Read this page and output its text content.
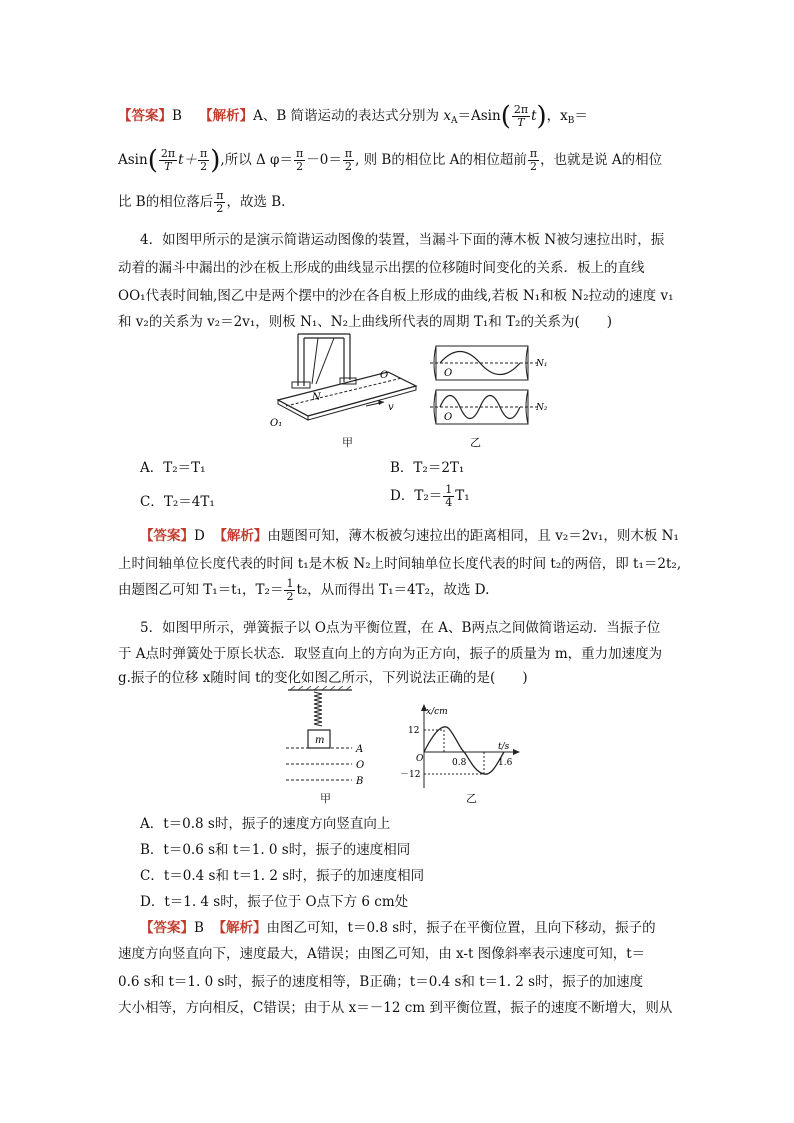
【答案】B 【解析】A、B 简谐运动的表达式分别为 $x_A=Asin( \frac{2\pi}{T} t)$，$x_B=$
$Asin( \frac{2\pi}{T} t+ \frac{\pi}{2}$ ),所以 Δ $\varphi= \frac{\pi}{2} -0= \frac{\pi}{2}$ , 则 B的相位比 A的相位超前 $\frac{\pi}{2}$ ，也就是说 A的相位
比 B的相位落后 $\frac{\pi}{2}$ ，故选 B.
4．如图甲所示的是演示简谐运动图像的装置，当漏斗下面的薄木板 N被匀速拉出时，振
动着的漏斗中漏出的沙在板上形成的曲线显示出摆的位移随时间变化的关系．板上的直线
OO₁代表时间轴,图乙中是两个摆中的沙在各自板上形成的曲线,若板 N₁和板 N₂拉动的速度 v₁
和 v₂的关系为 v₂＝2v₁，则板 N₁、N₂上曲线所代表的周期 T₁和 T₂的关系为(　　)
O
O₁
N
v
甲
O
N₁
O
N₂
乙
A．T₂＝T₁	B．T₂＝2T₁
C．T₂＝4T₁	D．$T_2= \frac{1}{4} T_1$
【答案】D 【解析】由题图可知，薄木板被匀速拉出的距离相同，且 v₂＝2v₁，则木板 N₁
上时间轴单位长度代表的时间 t₁是木板 N₂上时间轴单位长度代表的时间 t₂的两倍，即 t₁＝2t₂,
由题图乙可知 T₁＝t₁，$T_2= \frac{1}{2} t_2$，从而得出 T₁＝4T₂，故选 D.
5．如图甲所示，弹簧振子以 O点为平衡位置，在 A、B两点之间做简谐运动．当振子位
于 A点时弹簧处于原长状态．取竖直向上的方向为正方向，振子的质量为 m，重力加速度为
g.振子的位移 x随时间 t的变化如图乙所示，下列说法正确的是(　　)
m
A
O
B
甲
x/cm
12
－12
O	0.8	1.6
t/s
乙
A．t＝0.8 s时，振子的速度方向竖直向上
B．t＝0.6 s和 t＝1. 0 s时，振子的速度相同
C．t＝0.4 s和 t＝1. 2 s时，振子的加速度相同
D．t＝1. 4 s时，振子位于 O点下方 6 cm处
【答案】B 【解析】由图乙可知，t＝0.8 s时，振子在平衡位置，且向下移动，振子的
速度方向竖直向下，速度最大，A错误；由图乙可知，由 x-t 图像斜率表示速度可知，t＝
0.6 s和 t＝1. 0 s时，振子的速度相等，B正确；t＝0.4 s和 t＝1. 2 s时，振子的加速度
大小相等，方向相反，C错误；由于从 x＝－12 cm 到平衡位置，振子的速度不断增大，则从
